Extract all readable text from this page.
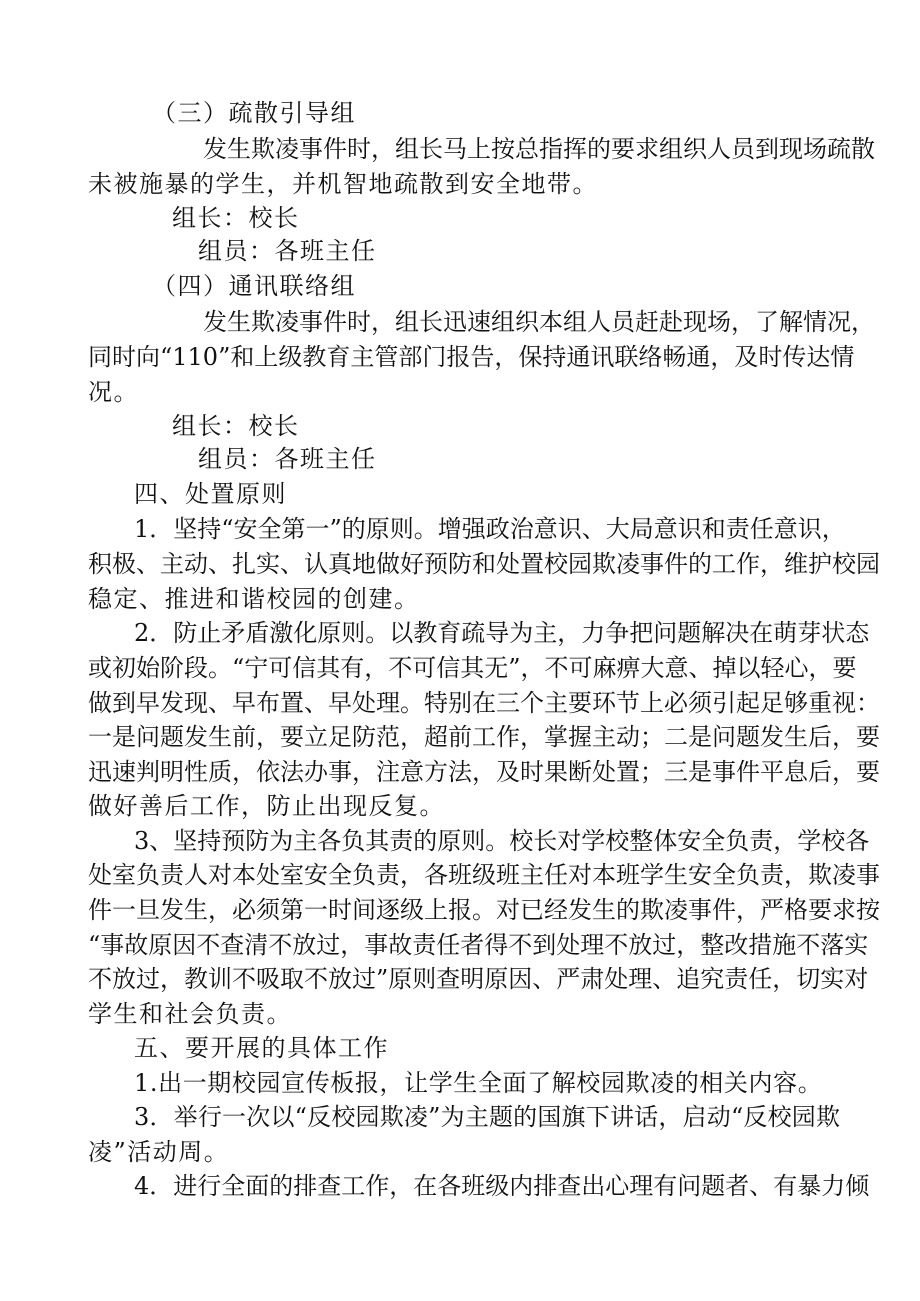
（三）疏散引导组
发生欺凌事件时，组长马上按总指挥的要求组织人员到现场疏散
未被施暴的学生，并机智地疏散到安全地带。
组长：校长
组员：各班主任
（四）通讯联络组
发生欺凌事件时，组长迅速组织本组人员赶赴现场，了解情况，
同时向“110”和上级教育主管部门报告，保持通讯联络畅通，及时传达情
况。
组长：校长
组员：各班主任
四、处置原则
1．坚持“安全第一”的原则。增强政治意识、大局意识和责任意识，
积极、主动、扎实、认真地做好预防和处置校园欺凌事件的工作，维护校园
稳定、推进和谐校园的创建。
2．防止矛盾激化原则。以教育疏导为主，力争把问题解决在萌芽状态
或初始阶段。“宁可信其有，不可信其无”，不可麻痹大意、掉以轻心，要
做到早发现、早布置、早处理。特别在三个主要环节上必须引起足够重视：
一是问题发生前，要立足防范，超前工作，掌握主动；二是问题发生后，要
迅速判明性质，依法办事，注意方法，及时果断处置；三是事件平息后，要
做好善后工作，防止出现反复。
3、坚持预防为主各负其责的原则。校长对学校整体安全负责，学校各
处室负责人对本处室安全负责，各班级班主任对本班学生安全负责，欺凌事
件一旦发生，必须第一时间逐级上报。对已经发生的欺凌事件，严格要求按
“事故原因不查清不放过，事故责任者得不到处理不放过，整改措施不落实
不放过，教训不吸取不放过”原则查明原因、严肃处理、追究责任，切实对
学生和社会负责。
五、要开展的具体工作
1.出一期校园宣传板报，让学生全面了解校园欺凌的相关内容。
3．举行一次以“反校园欺凌”为主题的国旗下讲话，启动“反校园欺
凌”活动周。
4．进行全面的排查工作，在各班级内排查出心理有问题者、有暴力倾
